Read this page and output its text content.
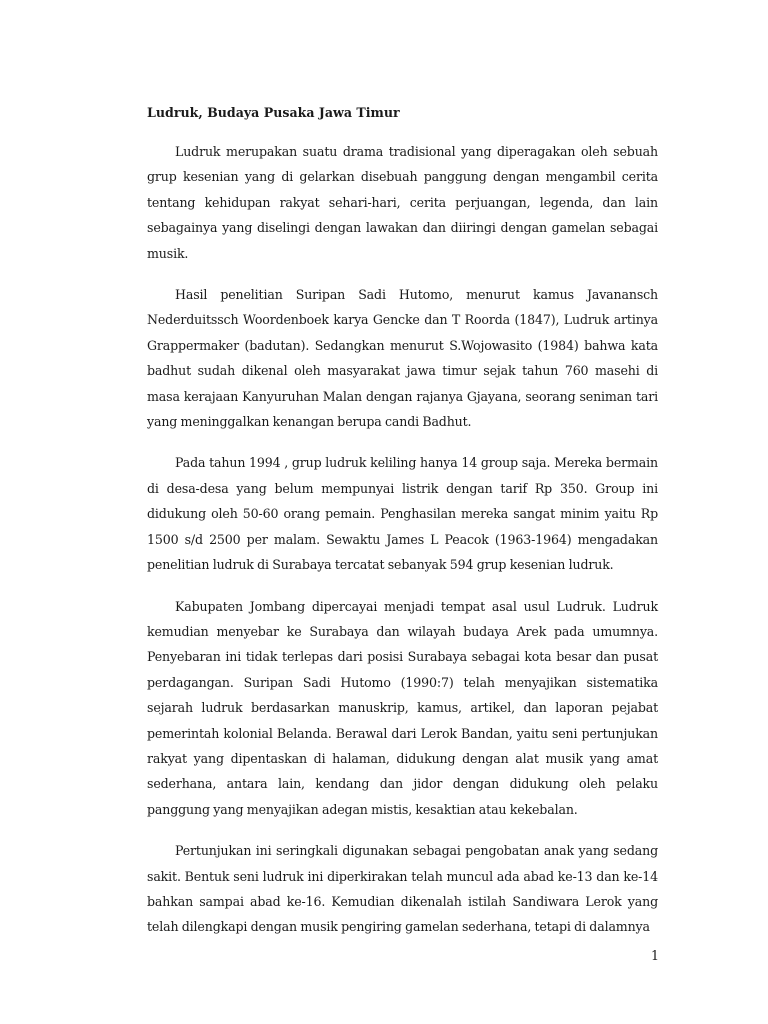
Ludruk, Budaya Pusaka Jawa Timur

Ludruk merupakan suatu drama tradisional yang diperagakan oleh sebuah grup kesenian yang di gelarkan disebuah panggung dengan mengambil cerita tentang kehidupan rakyat sehari-hari, cerita perjuangan, legenda, dan lain sebagainya yang diselingi dengan lawakan dan diiringi dengan gamelan sebagai musik.

Hasil penelitian Suripan Sadi Hutomo, menurut kamus Javanansch Nederduitssch Woordenboek karya Gencke dan T Roorda (1847), Ludruk artinya Grappermaker (badutan). Sedangkan menurut S.Wojowasito (1984) bahwa kata badhut sudah dikenal oleh masyarakat jawa timur sejak tahun 760 masehi di masa kerajaan Kanyuruhan Malan dengan rajanya Gjayana, seorang seniman tari yang meninggalkan kenangan berupa candi Badhut.

Pada tahun 1994 , grup ludruk keliling hanya 14 group saja. Mereka bermain di desa-desa yang belum mempunyai listrik dengan tarif Rp 350. Group ini didukung oleh 50-60 orang pemain. Penghasilan mereka sangat minim yaitu Rp 1500 s/d 2500 per malam. Sewaktu James L Peacok (1963-1964) mengadakan penelitian ludruk di Surabaya tercatat sebanyak 594 grup kesenian ludruk.

Kabupaten Jombang dipercayai menjadi tempat asal usul Ludruk. Ludruk kemudian menyebar ke Surabaya dan wilayah budaya Arek pada umumnya. Penyebaran ini tidak terlepas dari posisi Surabaya sebagai kota besar dan pusat perdagangan. Suripan Sadi Hutomo (1990:7) telah menyajikan sistematika sejarah ludruk berdasarkan manuskrip, kamus, artikel, dan laporan pejabat pemerintah kolonial Belanda. Berawal dari Lerok Bandan, yaitu seni pertunjukan rakyat yang dipentaskan di halaman, didukung dengan alat musik yang amat sederhana, antara lain, kendang dan jidor dengan didukung oleh pelaku panggung yang menyajikan adegan mistis, kesaktian atau kekebalan.

Pertunjukan ini seringkali digunakan sebagai pengobatan anak yang sedang sakit. Bentuk seni ludruk ini diperkirakan telah muncul ada abad ke-13 dan ke-14 bahkan sampai abad ke-16. Kemudian dikenalah istilah Sandiwara Lerok yang telah dilengkapi dengan musik pengiring gamelan sederhana, tetapi di dalamnya

1
